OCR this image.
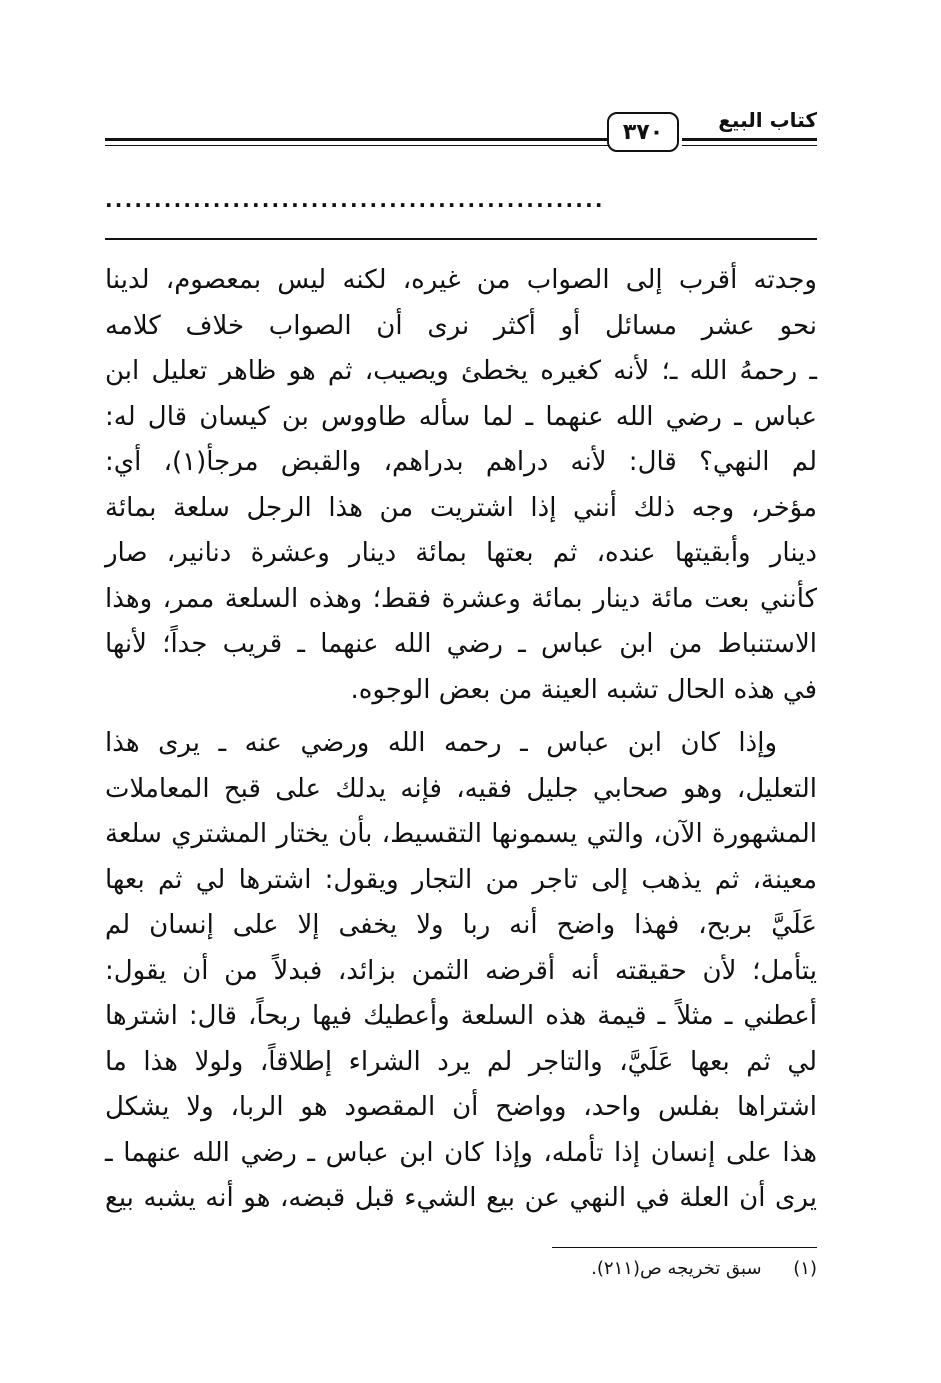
كتاب البيع
٣٧٠
...................................................
وجدته أقرب إلى الصواب من غيره، لكنه ليس بمعصوم، لدينا
نحو عشر مسائل أو أكثر نرى أن الصواب خلاف كلامه
ـ رحمهُ الله ـ؛ لأنه كغيره يخطئ ويصيب، ثم هو ظاهر تعليل ابن
عباس ـ رضي الله عنهما ـ لما سأله طاووس بن كيسان قال له:
لم النهي؟ قال: لأنه دراهم بدراهم، والقبض مرجأ(١)، أي:
مؤخر، وجه ذلك أنني إذا اشتريت من هذا الرجل سلعة بمائة
دينار وأبقيتها عنده، ثم بعتها بمائة دينار وعشرة دنانير، صار
كأنني بعت مائة دينار بمائة وعشرة فقط؛ وهذه السلعة ممر، وهذا
الاستنباط من ابن عباس ـ رضي الله عنهما ـ قريب جداً؛ لأنها
في هذه الحال تشبه العينة من بعض الوجوه.
وإذا كان ابن عباس ـ رحمه الله ورضي عنه ـ يرى هذا
التعليل، وهو صحابي جليل فقيه، فإنه يدلك على قبح المعاملات
المشهورة الآن، والتي يسمونها التقسيط، بأن يختار المشتري سلعة
معينة، ثم يذهب إلى تاجر من التجار ويقول: اشترها لي ثم بعها
عَلَيَّ بربح، فهذا واضح أنه ربا ولا يخفى إلا على إنسان لم
يتأمل؛ لأن حقيقته أنه أقرضه الثمن بزائد، فبدلاً من أن يقول:
أعطني ـ مثلاً ـ قيمة هذه السلعة وأعطيك فيها ربحاً، قال: اشترها
لي ثم بعها عَلَيَّ، والتاجر لم يرد الشراء إطلاقاً، ولولا هذا ما
اشتراها بفلس واحد، وواضح أن المقصود هو الربا، ولا يشكل
هذا على إنسان إذا تأمله، وإذا كان ابن عباس ـ رضي الله عنهما ـ
يرى أن العلة في النهي عن بيع الشيء قبل قبضه، هو أنه يشبه بيع
(١) سبق تخريجه ص(٢١١).
